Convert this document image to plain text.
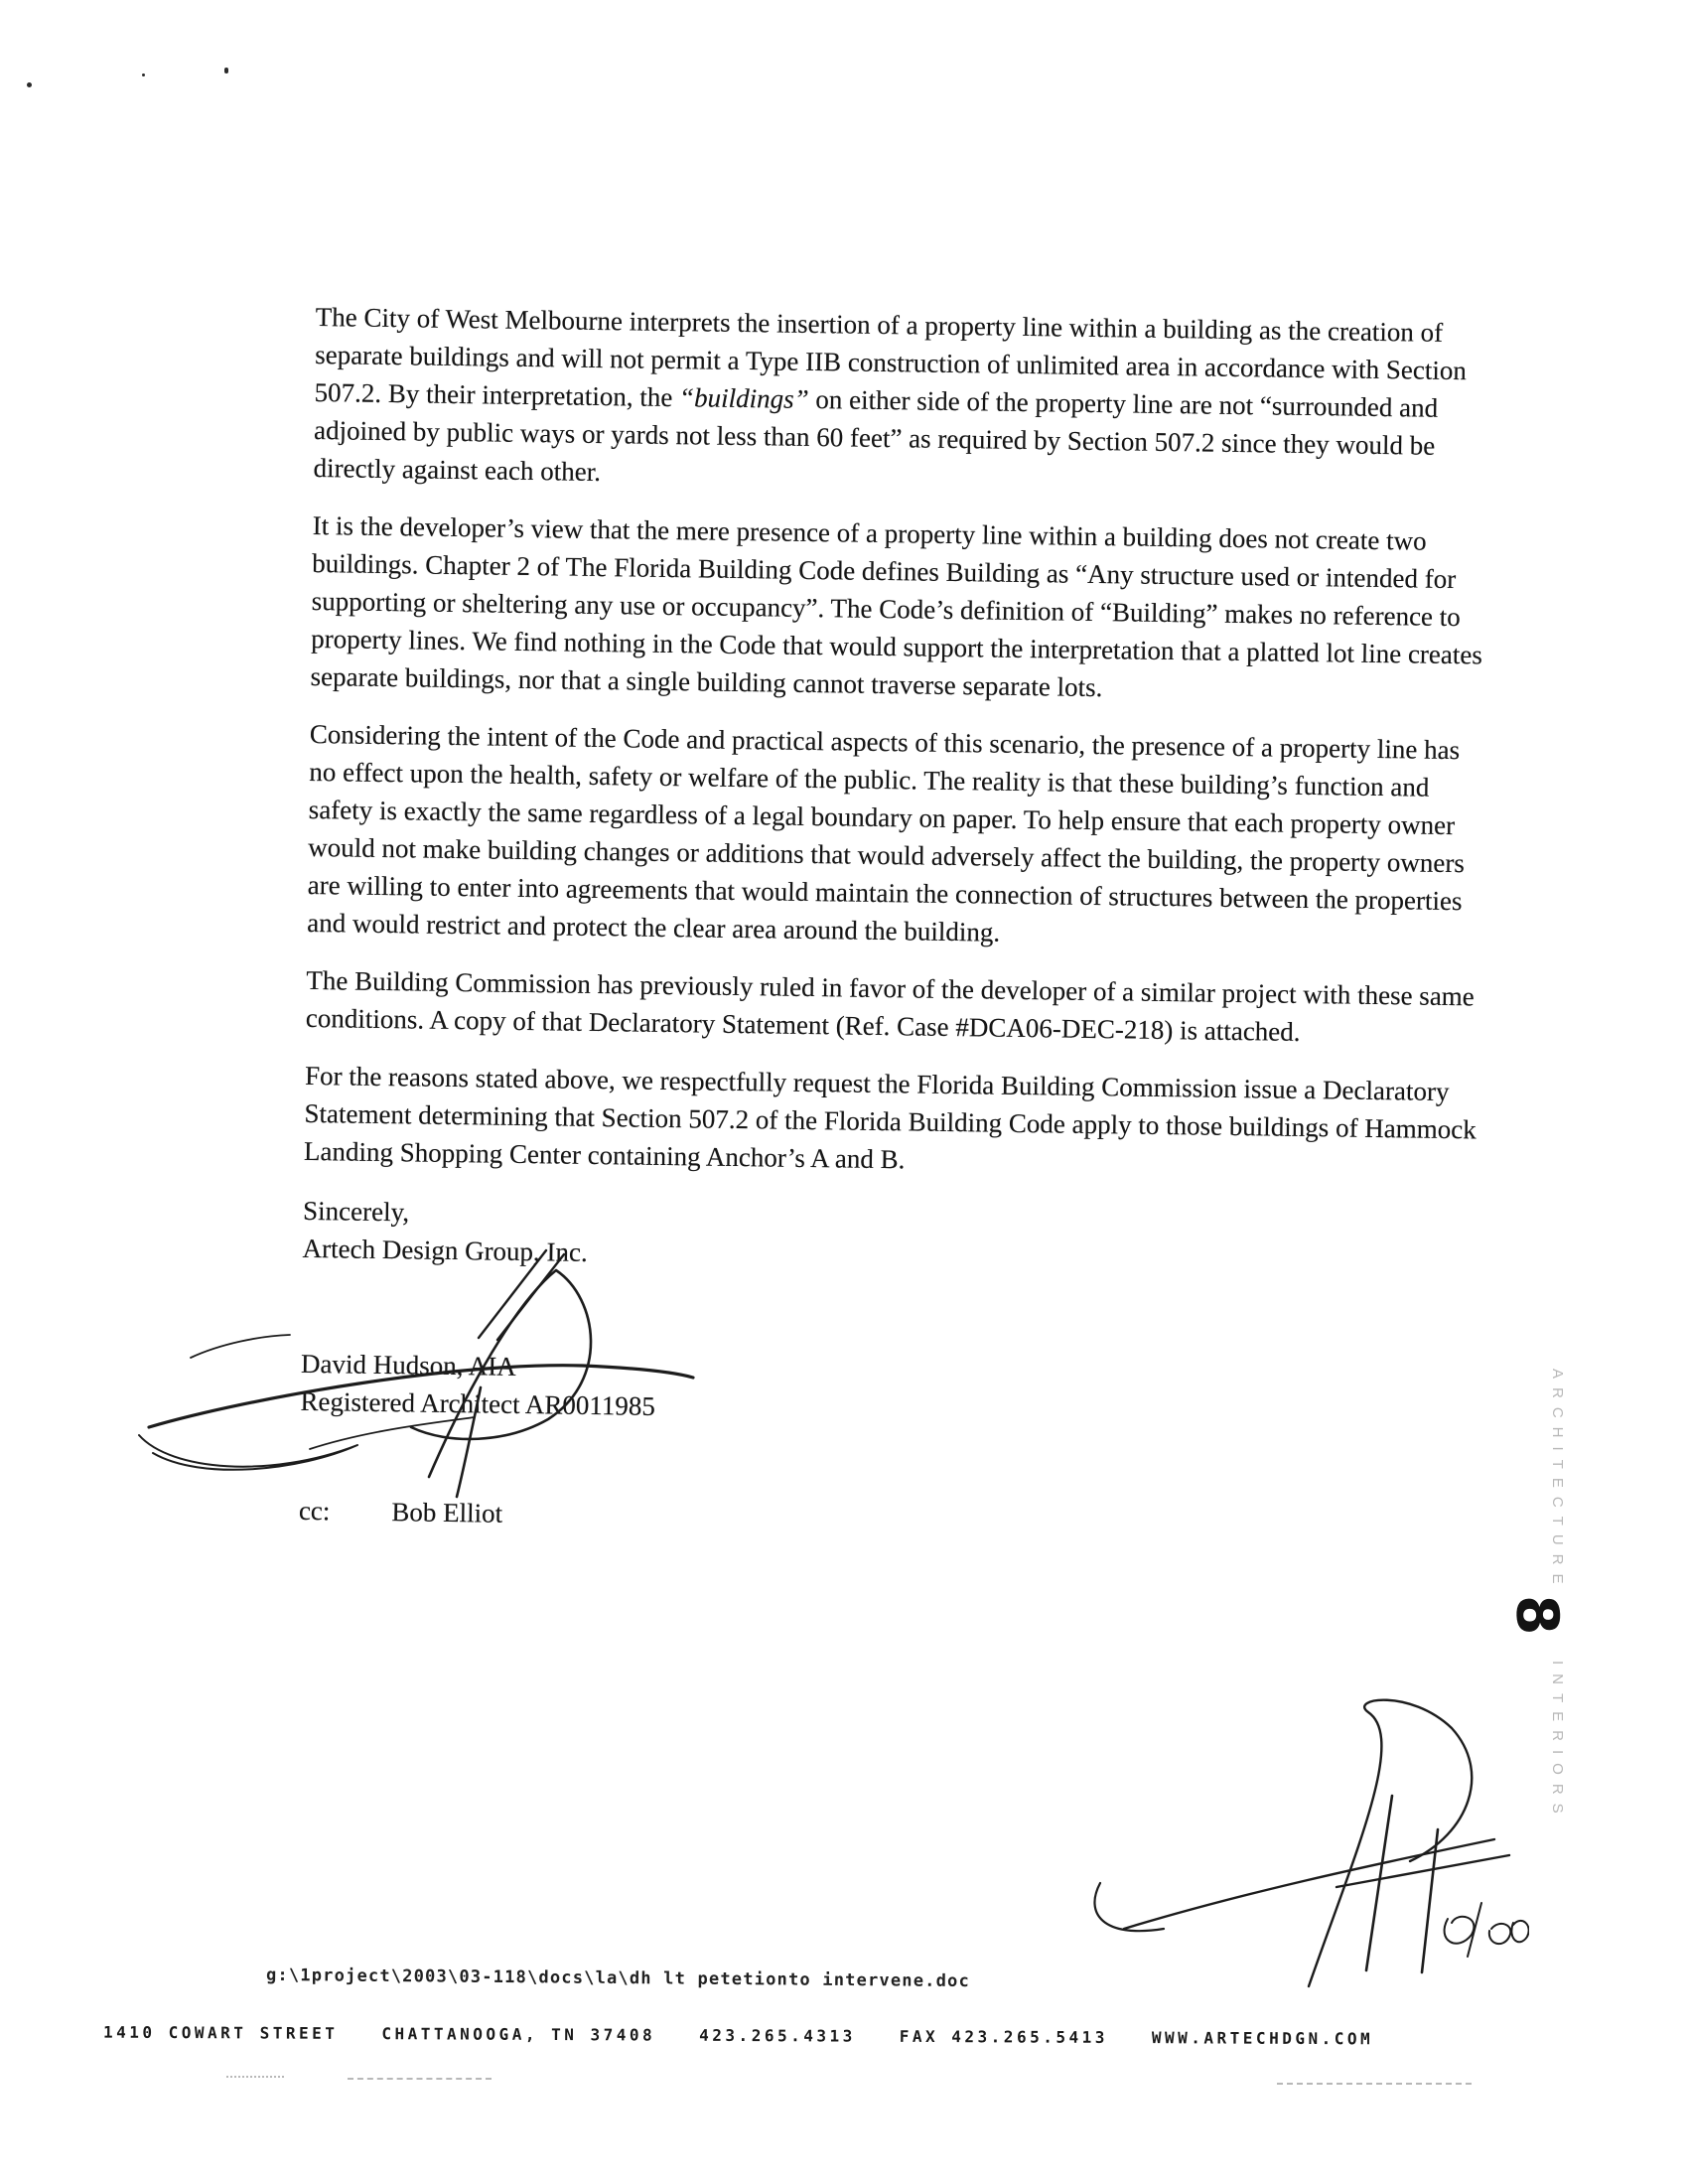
The City of West Melbourne interprets the insertion of a property line within a building as the creation of separate buildings and will not permit a Type IIB construction of unlimited area in accordance with Section 507.2. By their interpretation, the “buildings” on either side of the property line are not “surrounded and adjoined by public ways or yards not less than 60 feet” as required by Section 507.2 since they would be directly against each other.

It is the developer’s view that the mere presence of a property line within a building does not create two buildings. Chapter 2 of The Florida Building Code defines Building as “Any structure used or intended for supporting or sheltering any use or occupancy”. The Code’s definition of “Building” makes no reference to property lines. We find nothing in the Code that would support the interpretation that a platted lot line creates separate buildings, nor that a single building cannot traverse separate lots.

Considering the intent of the Code and practical aspects of this scenario, the presence of a property line has no effect upon the health, safety or welfare of the public. The reality is that these building’s function and safety is exactly the same regardless of a legal boundary on paper. To help ensure that each property owner would not make building changes or additions that would adversely affect the building, the property owners are willing to enter into agreements that would maintain the connection of structures between the properties and would restrict and protect the clear area around the building.

The Building Commission has previously ruled in favor of the developer of a similar project with these same conditions. A copy of that Declaratory Statement (Ref. Case #DCA06-DEC-218) is attached.

For the reasons stated above, we respectfully request the Florida Building Commission issue a Declaratory Statement determining that Section 507.2 of the Florida Building Code apply to those buildings of Hammock Landing Shopping Center containing Anchor’s A and B.

Sincerely,
Artech Design Group, Inc.
David Hudson, AIA
Registered Architect AR0011985
cc: Bob Elliot	ARCHITECTURE
8
INTERIORS
g:\1project\2003\03-118\docs\la\dh lt petetionto intervene.doc
1410 COWART STREET	CHATTANOOGA, TN 37408	423.265.4313	FAX 423.265.5413	WWW.ARTECHDGN.COM
